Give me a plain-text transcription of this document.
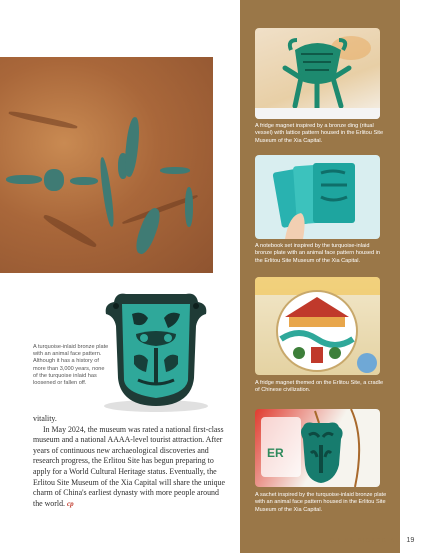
A turquoise-inlaid bronze plate with an animal face pattern. Although it has a history of more than 3,000 years, none of the turquoise inlaid has loosened or fallen off.

vitality.

In May 2024, the museum was rated a national first-class museum and a national AAAA-level tourist attraction. After years of continuous new archaeological discoveries and research progress, the Erlitou Site has begun preparing to apply for a World Cultural Heritage status. Eventually, the Erlitou Site Museum of the Xia Capital will share the unique charm of China's earliest dynasty with more people around the world. cp

A fridge magnet inspired by a bronze ding (ritual vessel) with lattice pattern housed in the Erlitou Site Museum of the Xia Capital.
A notebook set inspired by the turquoise-inlaid bronze plate with an animal face pattern housed in the Erlitou Site Museum of the Xia Capital.
A fridge magnet themed on the Erlitou Site, a cradle of Chinese civilization.
ER
A sachet inspired by the turquoise-inlaid bronze plate with an animal face pattern housed in the Erlitou Site Museum of the Xia Capital.
CHINA PICTORIAL 19
